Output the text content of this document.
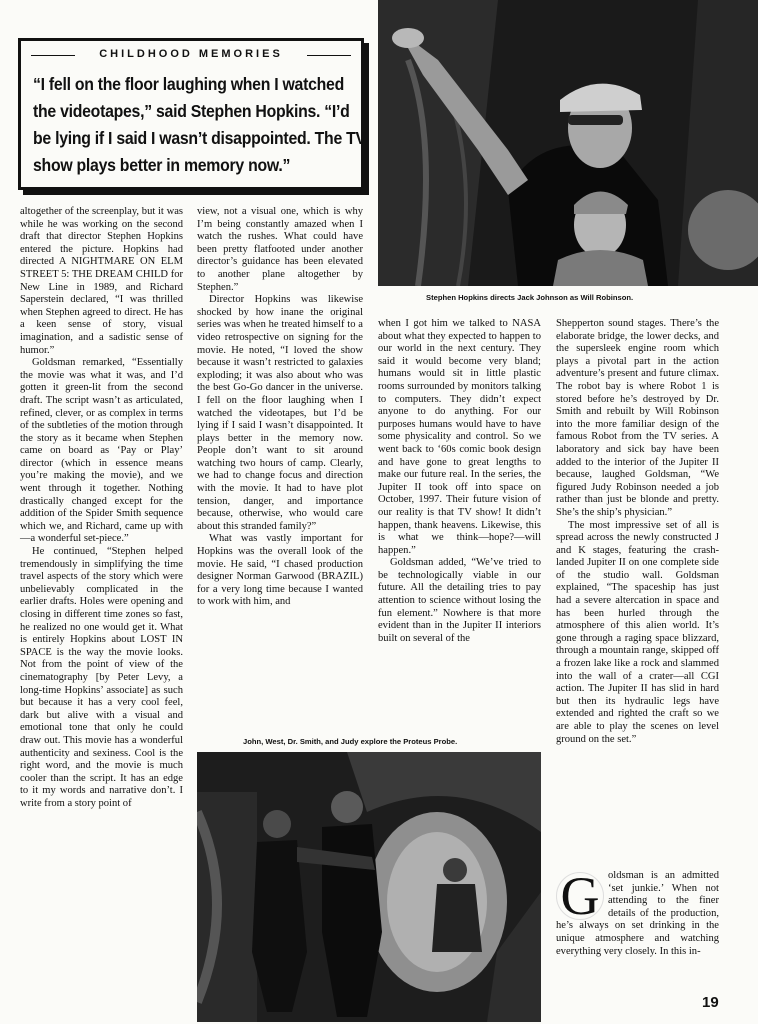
CHILDHOOD MEMORIES
“I fell on the floor laughing when I watched the videotapes,” said Stephen Hopkins. “I’d be lying if I said I wasn’t disappointed. The TV show plays better in memory now.”
Stephen Hopkins directs Jack Johnson as Will Robinson.

altogether of the screenplay, but it was while he was working on the second draft that director Stephen Hopkins entered the picture. Hopkins had directed A NIGHTMARE ON ELM STREET 5: THE DREAM CHILD for New Line in 1989, and Richard Saperstein declared, “I was thrilled when Stephen agreed to direct. He has a keen sense of story, visual imagination, and a sadistic sense of humor.”

Goldsman remarked, “Essentially the movie was what it was, and I’d gotten it green-lit from the second draft. The script wasn’t as articulated, refined, clever, or as complex in terms of the subtleties of the motion through the story as it became when Stephen came on board as ‘Pay or Play’ director (which in essence means you’re making the movie), and we went through it together. Nothing drastically changed except for the addition of the Spider Smith sequence which we, and Richard, came up with—a wonderful set-piece.”

He continued, “Stephen helped tremendously in simplifying the time travel aspects of the story which were unbelievably complicated in the earlier drafts. Holes were opening and closing in different time zones so fast, he realized no one would get it. What is entirely Hopkins about LOST IN SPACE is the way the movie looks. Not from the point of view of the cinematography [by Peter Levy, a long-time Hopkins’ associate] as such but because it has a very cool feel, dark but alive with a visual and emotional tone that only he could draw out. This movie has a wonderful authenticity and sexiness. Cool is the right word, and the movie is much cooler than the script. It has an edge to it my words and narrative don’t. I write from a story point of

view, not a visual one, which is why I’m being constantly amazed when I watch the rushes. What could have been pretty flatfooted under another director’s guidance has been elevated to another plane altogether by Stephen.”

Director Hopkins was likewise shocked by how inane the original series was when he treated himself to a video retrospective on signing for the movie. He noted, “I loved the show because it wasn’t restricted to galaxies exploding; it was also about who was the best Go-Go dancer in the universe. I fell on the floor laughing when I watched the videotapes, but I’d be lying if I said I wasn’t disappointed. It plays better in the memory now. People don’t want to sit around watching two hours of camp. Clearly, we had to change focus and direction with the movie. It had to have plot tension, danger, and importance because, otherwise, who would care about this stranded family?”

What was vastly important for Hopkins was the overall look of the movie. He said, “I chased production designer Norman Garwood (BRAZIL) for a very long time because I wanted to work with him, and

when I got him we talked to NASA about what they expected to happen to our world in the next century. They said it would become very bland; humans would sit in little plastic rooms surrounded by monitors talking to computers. They didn’t expect anyone to do anything. For our purposes humans would have to have some physicality and control. So we went back to ‘60s comic book design and have gone to great lengths to make our future real. In the series, the Jupiter II took off into space on October, 1997. Their future vision of our reality is that TV show! It didn’t happen, thank heavens. Likewise, this is what we think—hope?—will happen.”

Goldsman added, “We’ve tried to be technologically viable in our future. All the detailing tries to pay attention to science without losing the fun element.” Nowhere is that more evident than in the Jupiter II interiors built on several of the

John, West, Dr. Smith, and Judy explore the Proteus Probe.

Shepperton sound stages. There’s the elaborate bridge, the lower decks, and the supersleek engine room which plays a pivotal part in the action adventure’s present and future climax. The robot bay is where Robot 1 is stored before he’s destroyed by Dr. Smith and rebuilt by Will Robinson into the more familiar design of the famous Robot from the TV series. A laboratory and sick bay have been added to the interior of the Jupiter II because, laughed Goldsman, “We figured Judy Robinson needed a job rather than just be blonde and pretty. She’s the ship’s physician.”

The most impressive set of all is spread across the newly constructed J and K stages, featuring the crash-landed Jupiter II on one complete side of the studio wall. Goldsman explained, “The spaceship has just had a severe altercation in space and has been hurled through the atmosphere of this alien world. It’s gone through a raging space blizzard, through a mountain range, skipped off a frozen lake like a rock and slammed into the wall of a crater—all CGI action. The Jupiter II has slid in hard but then its hydraulic legs have extended and righted the craft so we are able to play the scenes on level ground on the set.”

G oldsman is an admitted ‘set junkie.’ When not attending to the finer details of the production, he’s always on set drinking in the unique atmosphere and watching everything very closely. In this in-
19
